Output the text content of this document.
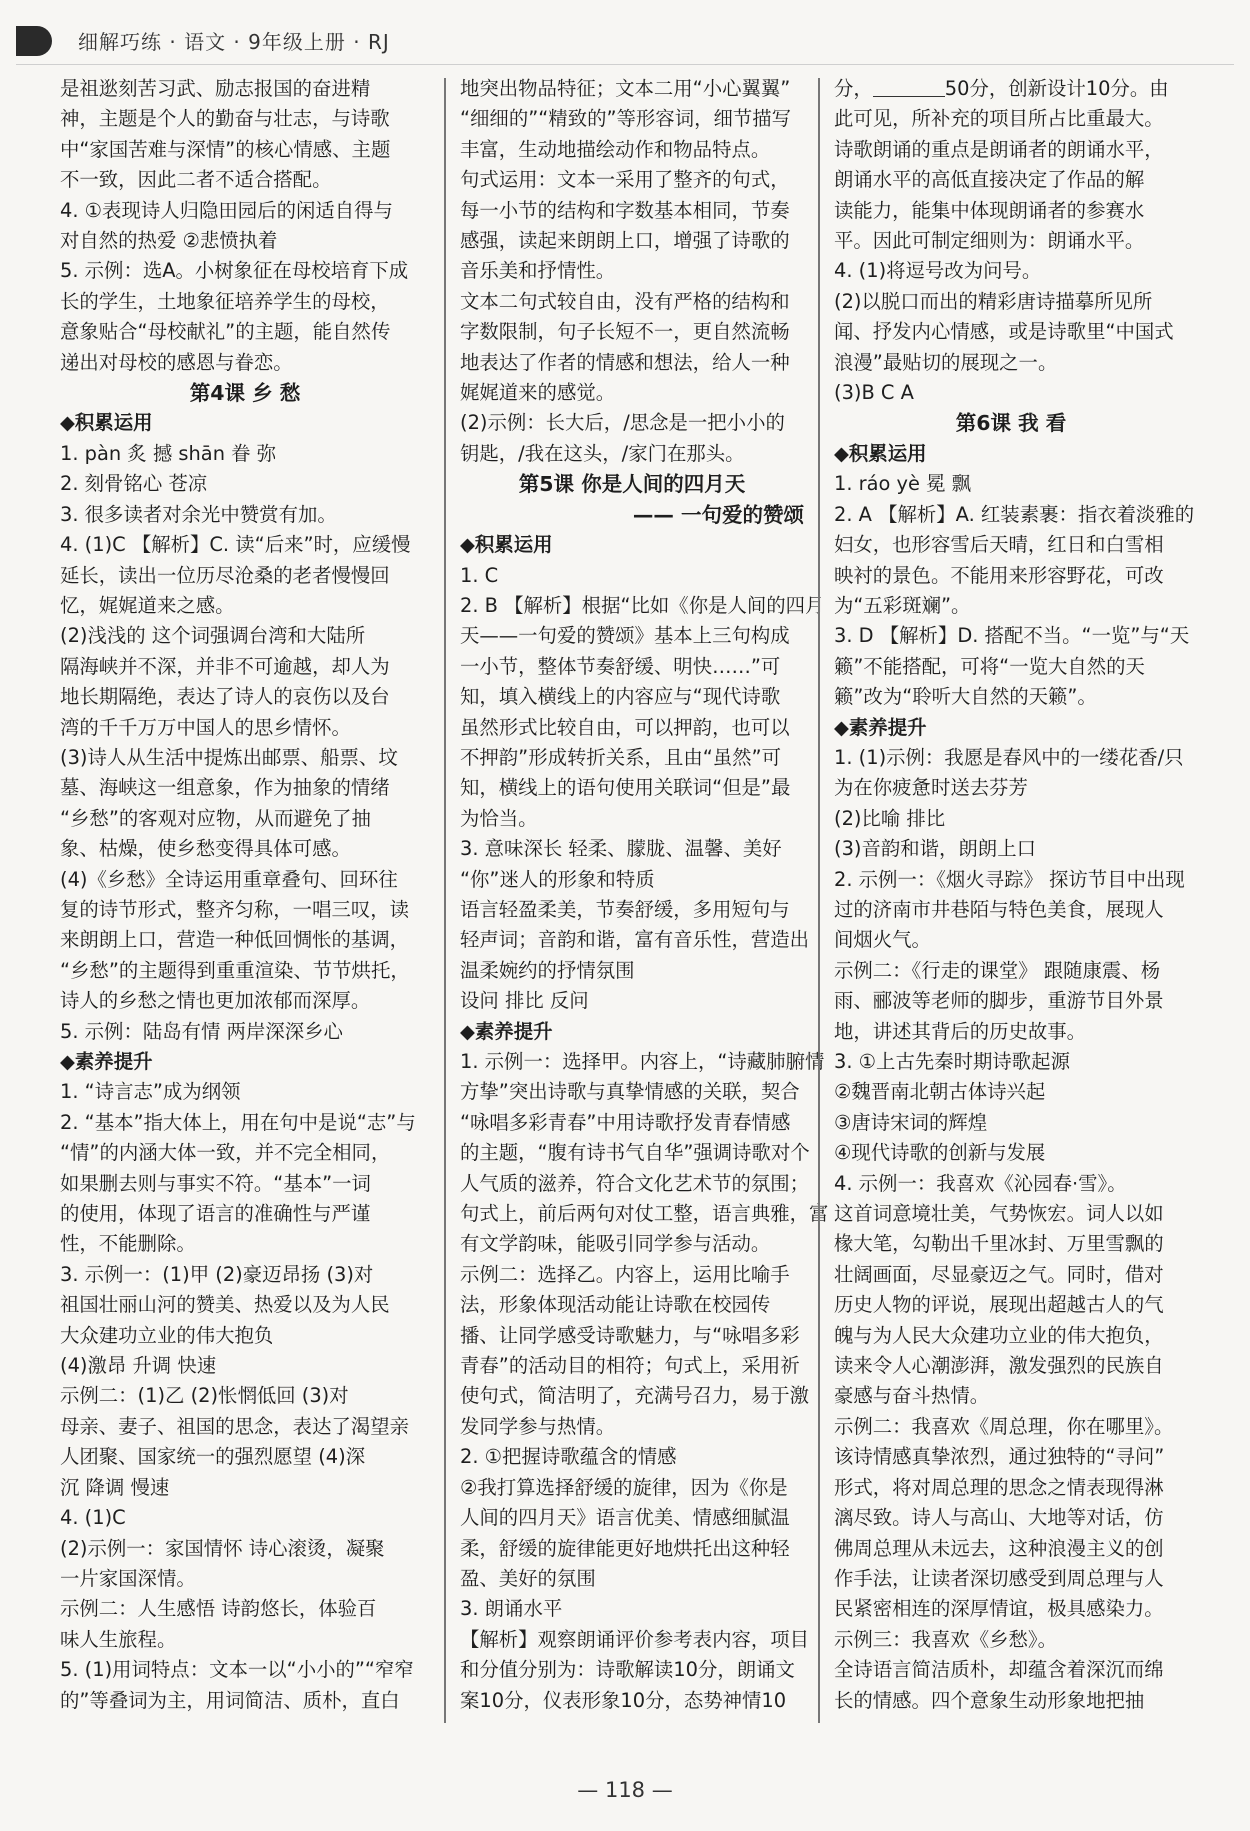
细解巧练 · 语文 · 9年级上册 · RJ
是祖逖刻苦习武、励志报国的奋进精
神，主题是个人的勤奋与壮志，与诗歌
中“家国苦难与深情”的核心情感、主题
不一致，因此二者不适合搭配。
4. ①表现诗人归隐田园后的闲适自得与
对自然的热爱 ②悲愤执着
5. 示例：选A。小树象征在母校培育下成
长的学生，土地象征培养学生的母校，
意象贴合“母校献礼”的主题，能自然传
递出对母校的感恩与眷恋。
第4课 乡 愁
◆积累运用
1. pàn 炙 撼 shān 眷 弥
2. 刻骨铭心 苍凉
3. 很多读者对余光中赞赏有加。
4. (1)C 【解析】C. 读“后来”时，应缓慢
延长，读出一位历尽沧桑的老者慢慢回
忆，娓娓道来之感。
(2)浅浅的 这个词强调台湾和大陆所
隔海峡并不深，并非不可逾越，却人为
地长期隔绝，表达了诗人的哀伤以及台
湾的千千万万中国人的思乡情怀。
(3)诗人从生活中提炼出邮票、船票、坟
墓、海峡这一组意象，作为抽象的情绪
“乡愁”的客观对应物，从而避免了抽
象、枯燥，使乡愁变得具体可感。
(4)《乡愁》全诗运用重章叠句、回环往
复的诗节形式，整齐匀称，一唱三叹，读
来朗朗上口，营造一种低回惆怅的基调，
“乡愁”的主题得到重重渲染、节节烘托，
诗人的乡愁之情也更加浓郁而深厚。
5. 示例：陆岛有情 两岸深深乡心
◆素养提升
1. “诗言志”成为纲领
2. “基本”指大体上，用在句中是说“志”与
“情”的内涵大体一致，并不完全相同，
如果删去则与事实不符。“基本”一词
的使用，体现了语言的准确性与严谨
性，不能删除。
3. 示例一：(1)甲 (2)豪迈昂扬 (3)对
祖国壮丽山河的赞美、热爱以及为人民
大众建功立业的伟大抱负
(4)激昂 升调 快速
示例二：(1)乙 (2)怅惘低回 (3)对
母亲、妻子、祖国的思念，表达了渴望亲
人团聚、国家统一的强烈愿望 (4)深
沉 降调 慢速
4. (1)C
(2)示例一：家国情怀 诗心滚烫，凝聚
一片家国深情。
示例二：人生感悟 诗韵悠长，体验百
味人生旅程。
5. (1)用词特点：文本一以“小小的”“窄窄
的”等叠词为主，用词简洁、质朴，直白
地突出物品特征；文本二用“小心翼翼”
“细细的”“精致的”等形容词，细节描写
丰富，生动地描绘动作和物品特点。
句式运用：文本一采用了整齐的句式，
每一小节的结构和字数基本相同，节奏
感强，读起来朗朗上口，增强了诗歌的
音乐美和抒情性。
文本二句式较自由，没有严格的结构和
字数限制，句子长短不一，更自然流畅
地表达了作者的情感和想法，给人一种
娓娓道来的感觉。
(2)示例：长大后，/思念是一把小小的
钥匙，/我在这头，/家门在那头。
第5课 你是人间的四月天
—— 一句爱的赞颂
◆积累运用
1. C
2. B 【解析】根据“比如《你是人间的四月
天——一句爱的赞颂》基本上三句构成
一小节，整体节奏舒缓、明快……”可
知，填入横线上的内容应与“现代诗歌
虽然形式比较自由，可以押韵，也可以
不押韵”形成转折关系，且由“虽然”可
知，横线上的语句使用关联词“但是”最
为恰当。
3. 意味深长 轻柔、朦胧、温馨、美好
“你”迷人的形象和特质
语言轻盈柔美，节奏舒缓，多用短句与
轻声词；音韵和谐，富有音乐性，营造出
温柔婉约的抒情氛围
设问 排比 反问
◆素养提升
1. 示例一：选择甲。内容上，“诗藏肺腑情
方挚”突出诗歌与真挚情感的关联，契合
“咏唱多彩青春”中用诗歌抒发青春情感
的主题，“腹有诗书气自华”强调诗歌对个
人气质的滋养，符合文化艺术节的氛围；
句式上，前后两句对仗工整，语言典雅，富
有文学韵味，能吸引同学参与活动。
示例二：选择乙。内容上，运用比喻手
法，形象体现活动能让诗歌在校园传
播、让同学感受诗歌魅力，与“咏唱多彩
青春”的活动目的相符；句式上，采用祈
使句式，简洁明了，充满号召力，易于激
发同学参与热情。
2. ①把握诗歌蕴含的情感
②我打算选择舒缓的旋律，因为《你是
人间的四月天》语言优美、情感细腻温
柔，舒缓的旋律能更好地烘托出这种轻
盈、美好的氛围
3. 朗诵水平
【解析】观察朗诵评价参考表内容，项目
和分值分别为：诗歌解读10分，朗诵文
案10分，仪表形象10分，态势神情10
分，	50分，创新设计10分。由
此可见，所补充的项目所占比重最大。
诗歌朗诵的重点是朗诵者的朗诵水平，
朗诵水平的高低直接决定了作品的解
读能力，能集中体现朗诵者的参赛水
平。因此可制定细则为：朗诵水平。
4. (1)将逗号改为问号。
(2)以脱口而出的精彩唐诗描摹所见所
闻、抒发内心情感，或是诗歌里“中国式
浪漫”最贴切的展现之一。
(3)B C A
第6课 我 看
◆积累运用
1. ráo yè 冕 飘
2. A 【解析】A. 红装素裹：指衣着淡雅的
妇女，也形容雪后天晴，红日和白雪相
映衬的景色。不能用来形容野花，可改
为“五彩斑斓”。
3. D 【解析】D. 搭配不当。“一览”与“天
籁”不能搭配，可将“一览大自然的天
籁”改为“聆听大自然的天籁”。
◆素养提升
1. (1)示例：我愿是春风中的一缕花香/只
为在你疲惫时送去芬芳
(2)比喻 排比
(3)音韵和谐，朗朗上口
2. 示例一：《烟火寻踪》 探访节目中出现
过的济南市井巷陌与特色美食，展现人
间烟火气。
示例二：《行走的课堂》 跟随康震、杨
雨、郦波等老师的脚步，重游节目外景
地，讲述其背后的历史故事。
3. ①上古先秦时期诗歌起源
②魏晋南北朝古体诗兴起
③唐诗宋词的辉煌
④现代诗歌的创新与发展
4. 示例一：我喜欢《沁园春·雪》。
这首词意境壮美，气势恢宏。词人以如
椽大笔，勾勒出千里冰封、万里雪飘的
壮阔画面，尽显豪迈之气。同时，借对
历史人物的评说，展现出超越古人的气
魄与为人民大众建功立业的伟大抱负，
读来令人心潮澎湃，激发强烈的民族自
豪感与奋斗热情。
示例二：我喜欢《周总理，你在哪里》。
该诗情感真挚浓烈，通过独特的“寻问”
形式，将对周总理的思念之情表现得淋
漓尽致。诗人与高山、大地等对话，仿
佛周总理从未远去，这种浪漫主义的创
作手法，让读者深切感受到周总理与人
民紧密相连的深厚情谊，极具感染力。
示例三：我喜欢《乡愁》。
全诗语言简洁质朴，却蕴含着深沉而绵
长的情感。四个意象生动形象地把抽
— 118 —
